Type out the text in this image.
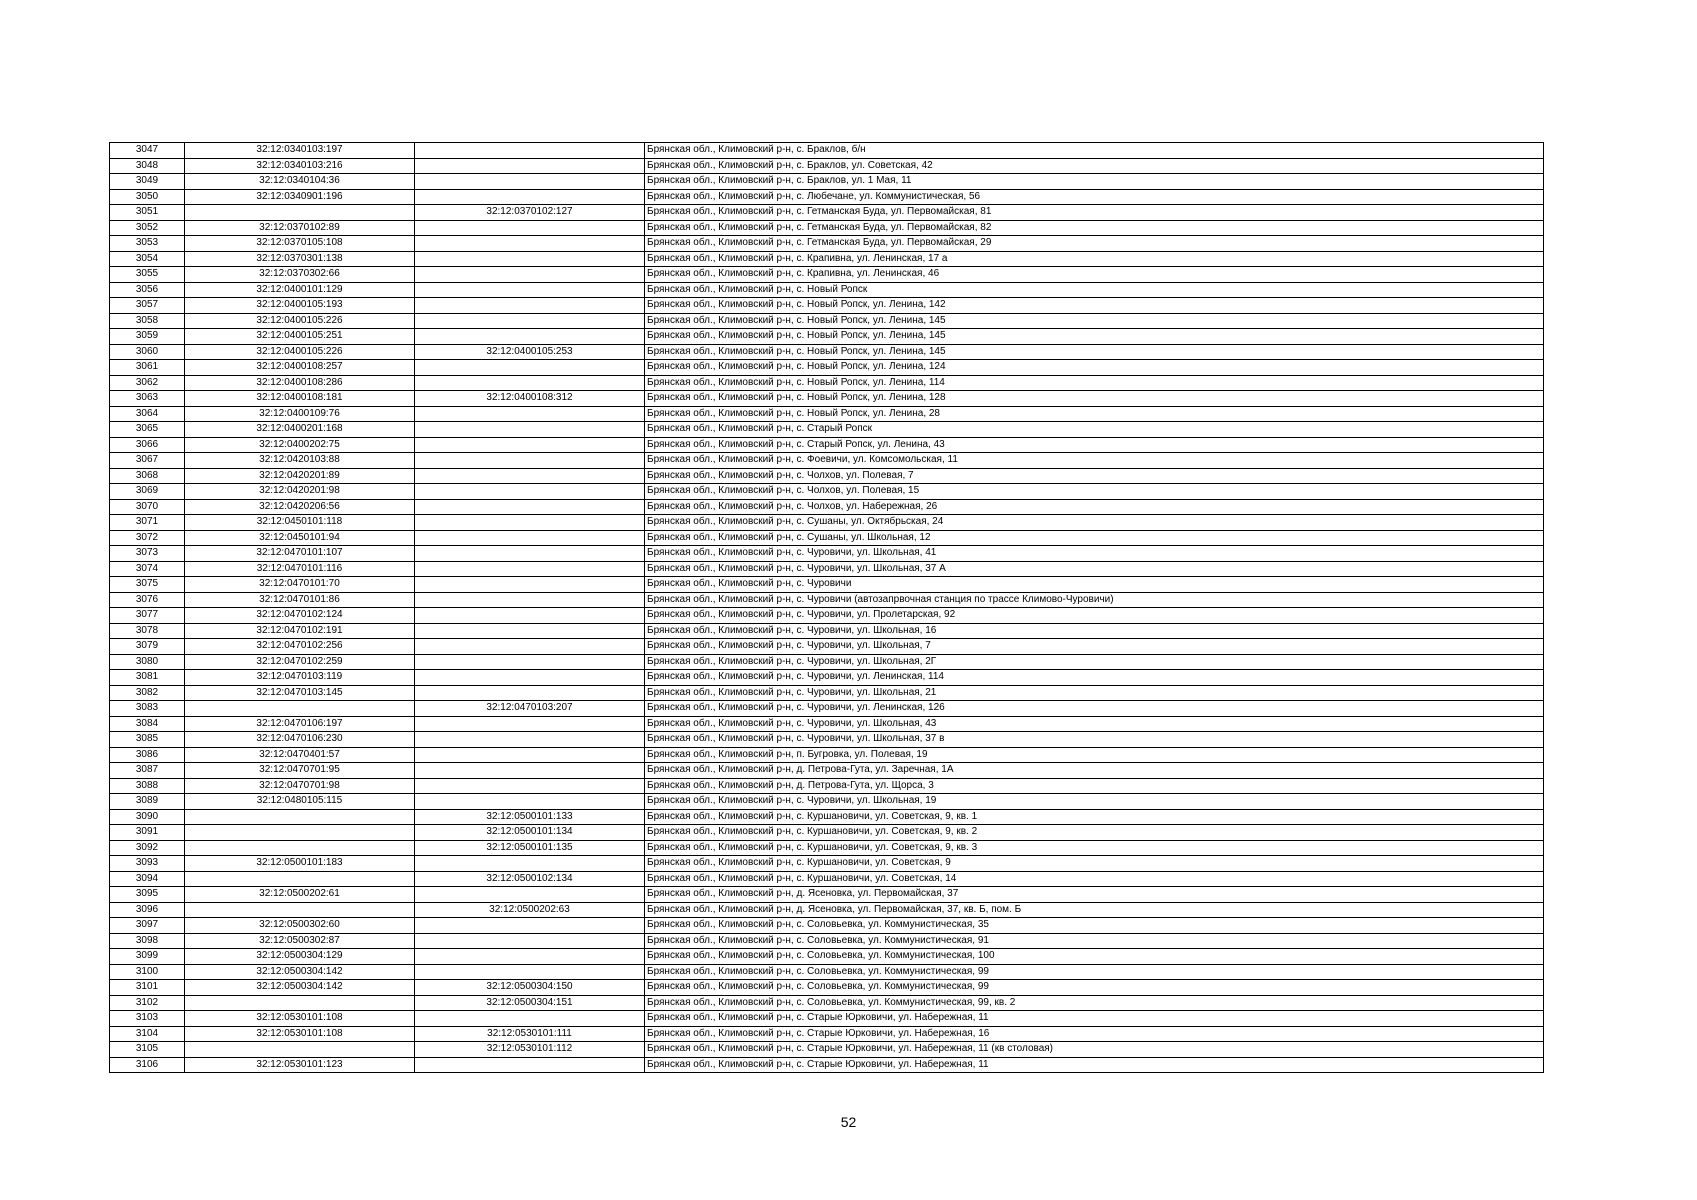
3047	32:12:0340103:197		Брянская обл., Климовский р-н, с. Браклов, б/н
3048	32:12:0340103:216		Брянская обл., Климовский р-н, с. Браклов, ул. Советская, 42
3049	32:12:0340104:36		Брянская обл., Климовский р-н, с. Браклов, ул. 1 Мая, 11
3050	32:12:0340901:196		Брянская обл., Климовский р-н, с. Любечане, ул. Коммунистическая, 56
3051		32:12:0370102:127	Брянская обл., Климовский р-н, с. Гетманская Буда, ул. Первомайская, 81
3052	32:12:0370102:89		Брянская обл., Климовский р-н, с. Гетманская Буда, ул. Первомайская, 82
3053	32:12:0370105:108		Брянская обл., Климовский р-н, с. Гетманская Буда, ул. Первомайская, 29
3054	32:12:0370301:138		Брянская обл., Климовский р-н, с. Крапивна, ул. Ленинская, 17 а
3055	32:12:0370302:66		Брянская обл., Климовский р-н, с. Крапивна, ул. Ленинская, 46
3056	32:12:0400101:129		Брянская обл., Климовский р-н, с. Новый Ропск
3057	32:12:0400105:193		Брянская обл., Климовский р-н, с. Новый Ропск, ул. Ленина, 142
3058	32:12:0400105:226		Брянская обл., Климовский р-н, с. Новый Ропск, ул. Ленина, 145
3059	32:12:0400105:251		Брянская обл., Климовский р-н, с. Новый Ропск, ул. Ленина, 145
3060	32:12:0400105:226	32:12:0400105:253	Брянская обл., Климовский р-н, с. Новый Ропск, ул. Ленина, 145
3061	32:12:0400108:257		Брянская обл., Климовский р-н, с. Новый Ропск, ул. Ленина, 124
3062	32:12:0400108:286		Брянская обл., Климовский р-н, с. Новый Ропск, ул. Ленина, 114
3063	32:12:0400108:181	32:12:0400108:312	Брянская обл., Климовский р-н, с. Новый Ропск, ул. Ленина, 128
3064	32:12:0400109:76		Брянская обл., Климовский р-н, с. Новый Ропск, ул. Ленина, 28
3065	32:12:0400201:168		Брянская обл., Климовский р-н, с. Старый Ропск
3066	32:12:0400202:75		Брянская обл., Климовский р-н, с. Старый Ропск, ул. Ленина, 43
3067	32:12:0420103:88		Брянская обл., Климовский р-н, с. Фоевичи, ул. Комсомольская, 11
3068	32:12:0420201:89		Брянская обл., Климовский р-н, с. Чолхов, ул. Полевая, 7
3069	32:12:0420201:98		Брянская обл., Климовский р-н, с. Чолхов, ул. Полевая, 15
3070	32:12:0420206:56		Брянская обл., Климовский р-н, с. Чолхов, ул. Набережная, 26
3071	32:12:0450101:118		Брянская обл., Климовский р-н, с. Сушаны, ул. Октябрьская, 24
3072	32:12:0450101:94		Брянская обл., Климовский р-н, с. Сушаны, ул. Школьная, 12
3073	32:12:0470101:107		Брянская обл., Климовский р-н, с. Чуровичи, ул. Школьная, 41
3074	32:12:0470101:116		Брянская обл., Климовский р-н, с. Чуровичи, ул. Школьная, 37 А
3075	32:12:0470101:70		Брянская обл., Климовский р-н, с. Чуровичи
3076	32:12:0470101:86		Брянская обл., Климовский р-н, с. Чуровичи (автозапрвочная станция по трассе Климово-Чуровичи)
3077	32:12:0470102:124		Брянская обл., Климовский р-н, с. Чуровичи, ул. Пролетарская, 92
3078	32:12:0470102:191		Брянская обл., Климовский р-н, с. Чуровичи, ул. Школьная, 16
3079	32:12:0470102:256		Брянская обл., Климовский р-н, с. Чуровичи, ул. Школьная, 7
3080	32:12:0470102:259		Брянская обл., Климовский р-н, с. Чуровичи, ул. Школьная, 2Г
3081	32:12:0470103:119		Брянская обл., Климовский р-н, с. Чуровичи, ул. Ленинская, 114
3082	32:12:0470103:145		Брянская обл., Климовский р-н, с. Чуровичи, ул. Школьная, 21
3083		32:12:0470103:207	Брянская обл., Климовский р-н, с. Чуровичи, ул. Ленинская, 126
3084	32:12:0470106:197		Брянская обл., Климовский р-н, с. Чуровичи, ул. Школьная, 43
3085	32:12:0470106:230		Брянская обл., Климовский р-н, с. Чуровичи, ул. Школьная, 37 в
3086	32:12:0470401:57		Брянская обл., Климовский р-н, п. Бугровка, ул. Полевая, 19
3087	32:12:0470701:95		Брянская обл., Климовский р-н, д. Петрова-Гута, ул. Заречная, 1А
3088	32:12:0470701:98		Брянская обл., Климовский р-н, д. Петрова-Гута, ул. Щорса, 3
3089	32:12:0480105:115		Брянская обл., Климовский р-н, с. Чуровичи, ул. Школьная, 19
3090		32:12:0500101:133	Брянская обл., Климовский р-н, с. Куршановичи, ул. Советская, 9, кв. 1
3091		32:12:0500101:134	Брянская обл., Климовский р-н, с. Куршановичи, ул. Советская, 9, кв. 2
3092		32:12:0500101:135	Брянская обл., Климовский р-н, с. Куршановичи, ул. Советская, 9, кв. 3
3093	32:12:0500101:183		Брянская обл., Климовский р-н, с. Куршановичи, ул. Советская, 9
3094		32:12:0500102:134	Брянская обл., Климовский р-н, с. Куршановичи, ул. Советская, 14
3095	32:12:0500202:61		Брянская обл., Климовский р-н, д. Ясеновка, ул. Первомайская, 37
3096		32:12:0500202:63	Брянская обл., Климовский р-н, д. Ясеновка, ул. Первомайская, 37, кв. Б, пом. Б
3097	32:12:0500302:60		Брянская обл., Климовский р-н, с. Соловьевка, ул. Коммунистическая, 35
3098	32:12:0500302:87		Брянская обл., Климовский р-н, с. Соловьевка, ул. Коммунистическая, 91
3099	32:12:0500304:129		Брянская обл., Климовский р-н, с. Соловьевка, ул. Коммунистическая, 100
3100	32:12:0500304:142		Брянская обл., Климовский р-н, с. Соловьевка, ул. Коммунистическая, 99
3101	32:12:0500304:142	32:12:0500304:150	Брянская обл., Климовский р-н, с. Соловьевка, ул. Коммунистическая, 99
3102		32:12:0500304:151	Брянская обл., Климовский р-н, с. Соловьевка, ул. Коммунистическая, 99, кв. 2
3103	32:12:0530101:108		Брянская обл., Климовский р-н, с. Старые Юрковичи, ул. Набережная, 11
3104	32:12:0530101:108	32:12:0530101:111	Брянская обл., Климовский р-н, с. Старые Юрковичи, ул. Набережная, 16
3105		32:12:0530101:112	Брянская обл., Климовский р-н, с. Старые Юрковичи, ул. Набережная, 11 (кв столовая)
3106	32:12:0530101:123		Брянская обл., Климовский р-н, с. Старые Юрковичи, ул. Набережная, 11
52
